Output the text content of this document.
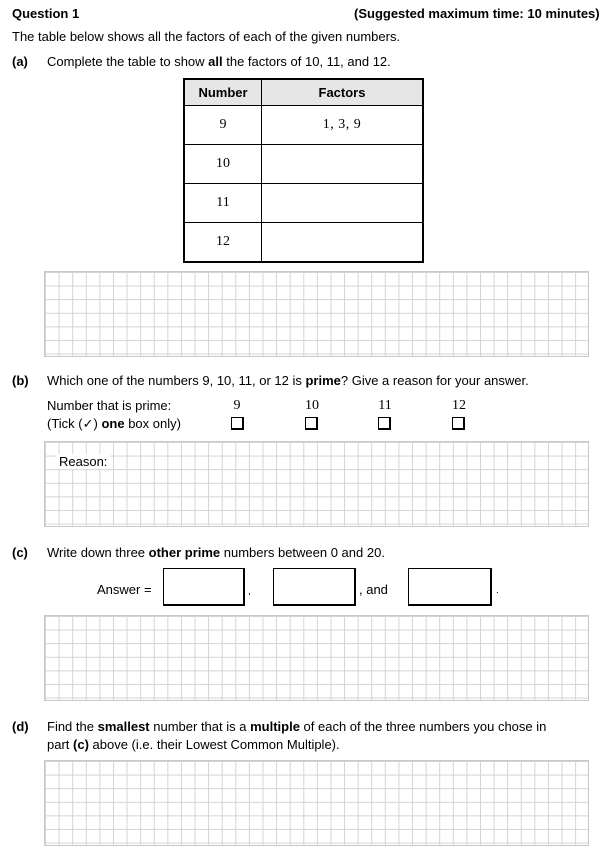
Question 1	(Suggested maximum time: 10 minutes)
The table below shows all the factors of each of the given numbers.
(a) Complete the table to show all the factors of 10, 11, and 12.
Number	Factors
9	1, 3, 9
10	
11	
12	
(b) Which one of the numbers 9, 10, 11, or 12 is prime? Give a reason for your answer.
Number that is prime:
(Tick (✓) one box only)
9	10	11	12
Reason:
(c) Write down three other prime numbers between 0 and 20.
Answer =	,	, and	.
(d) Find the smallest number that is a multiple of each of the three numbers you chose in
part (c) above (i.e. their Lowest Common Multiple).
